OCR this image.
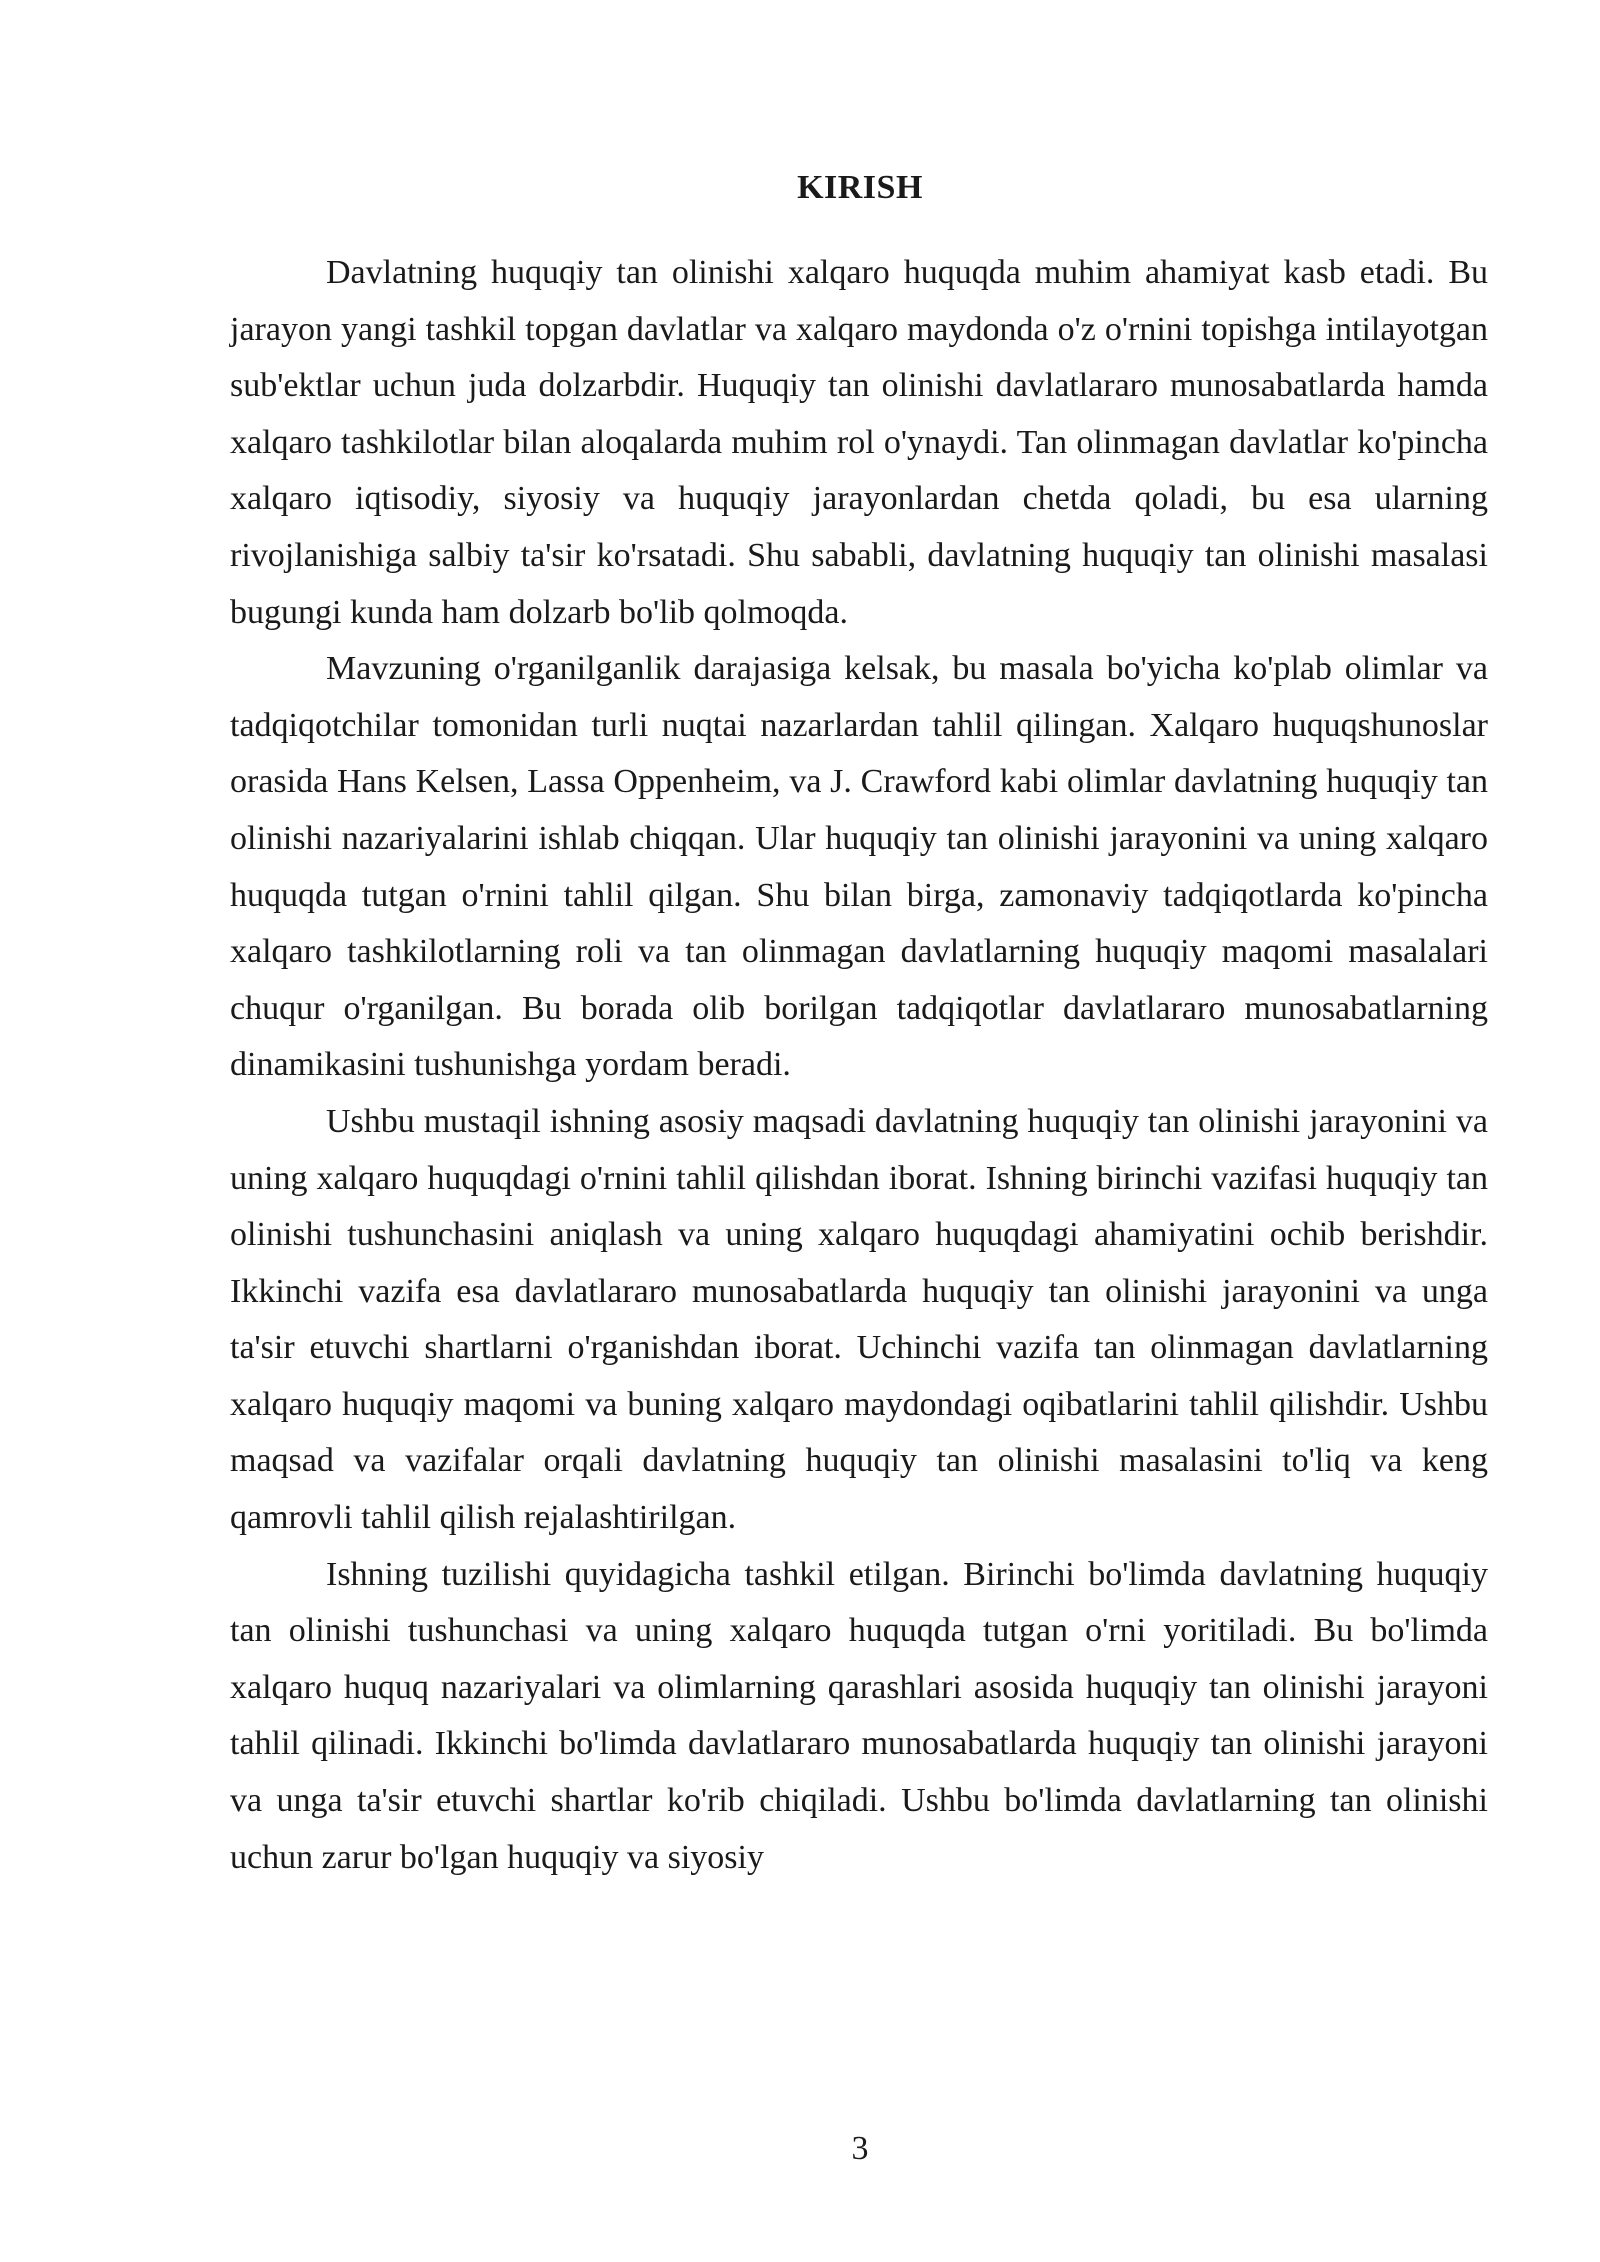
KIRISH

Davlatning huquqiy tan olinishi xalqaro huquqda muhim ahamiyat kasb etadi. Bu jarayon yangi tashkil topgan davlatlar va xalqaro maydonda o'z o'rnini topishga intilayotgan sub'ektlar uchun juda dolzarbdir. Huquqiy tan olinishi davlatlararo munosabatlarda hamda xalqaro tashkilotlar bilan aloqalarda muhim rol o'ynaydi. Tan olinmagan davlatlar ko'pincha xalqaro iqtisodiy, siyosiy va huquqiy jarayonlardan chetda qoladi, bu esa ularning rivojlanishiga salbiy ta'sir ko'rsatadi. Shu sababli, davlatning huquqiy tan olinishi masalasi bugungi kunda ham dolzarb bo'lib qolmoqda.

Mavzuning o'rganilganlik darajasiga kelsak, bu masala bo'yicha ko'plab olimlar va tadqiqotchilar tomonidan turli nuqtai nazarlardan tahlil qilingan. Xalqaro huquqshunoslar orasida Hans Kelsen, Lassa Oppenheim, va J. Crawford kabi olimlar davlatning huquqiy tan olinishi nazariyalarini ishlab chiqqan. Ular huquqiy tan olinishi jarayonini va uning xalqaro huquqda tutgan o'rnini tahlil qilgan. Shu bilan birga, zamonaviy tadqiqotlarda ko'pincha xalqaro tashkilotlarning roli va tan olinmagan davlatlarning huquqiy maqomi masalalari chuqur o'rganilgan. Bu borada olib borilgan tadqiqotlar davlatlararo munosabatlarning dinamikasini tushunishga yordam beradi.

Ushbu mustaqil ishning asosiy maqsadi davlatning huquqiy tan olinishi jarayonini va uning xalqaro huquqdagi o'rnini tahlil qilishdan iborat. Ishning birinchi vazifasi huquqiy tan olinishi tushunchasini aniqlash va uning xalqaro huquqdagi ahamiyatini ochib berishdir. Ikkinchi vazifa esa davlatlararo munosabatlarda huquqiy tan olinishi jarayonini va unga ta'sir etuvchi shartlarni o'rganishdan iborat. Uchinchi vazifa tan olinmagan davlatlarning xalqaro huquqiy maqomi va buning xalqaro maydondagi oqibatlarini tahlil qilishdir. Ushbu maqsad va vazifalar orqali davlatning huquqiy tan olinishi masalasini to'liq va keng qamrovli tahlil qilish rejalashtirilgan.

Ishning tuzilishi quyidagicha tashkil etilgan. Birinchi bo'limda davlatning huquqiy tan olinishi tushunchasi va uning xalqaro huquqda tutgan o'rni yoritiladi. Bu bo'limda xalqaro huquq nazariyalari va olimlarning qarashlari asosida huquqiy tan olinishi jarayoni tahlil qilinadi. Ikkinchi bo'limda davlatlararo munosabatlarda huquqiy tan olinishi jarayoni va unga ta'sir etuvchi shartlar ko'rib chiqiladi. Ushbu bo'limda davlatlarning tan olinishi uchun zarur bo'lgan huquqiy va siyosiy

3
